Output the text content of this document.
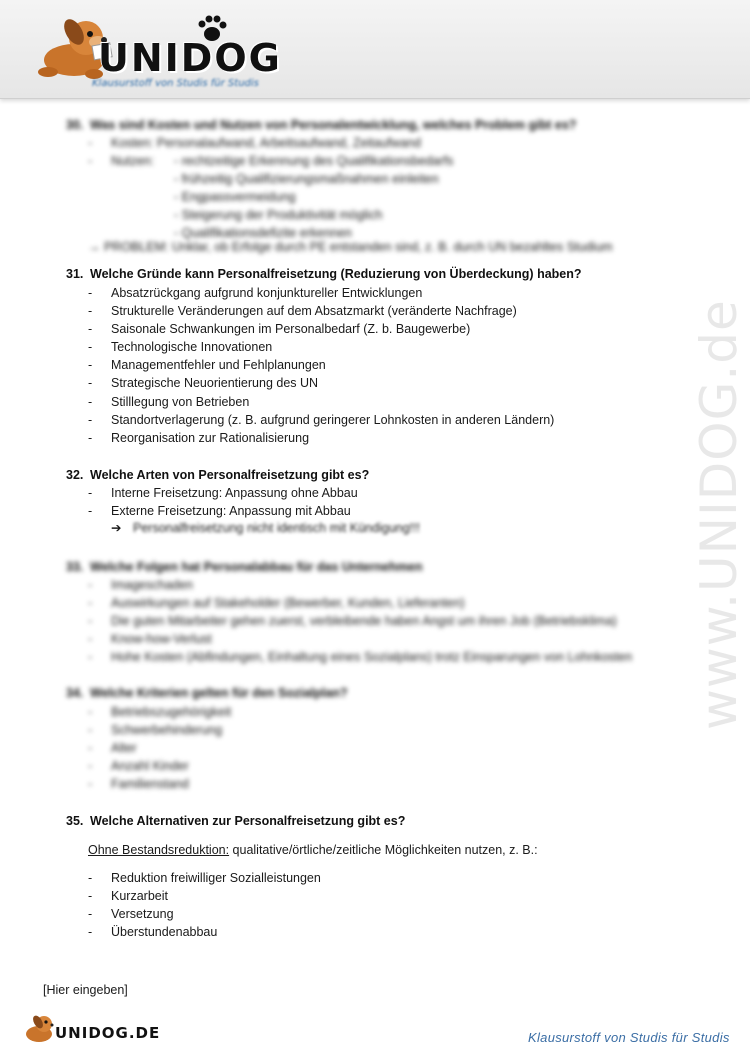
UNIDOG
Klausurstoff von Studis für Studis
www.UNIDOG.de
30. Was sind Kosten und Nutzen von Personalentwicklung, welches Problem gibt es?
- Kosten: Personalaufwand, Arbeitsaufwand, Zeitaufwand
- Nutzen: - rechtzeitige Erkennung des Qualifikationsbedarfs
- frühzeitig Qualifizierungsmaßnahmen einleiten
- Engpassvermeidung
- Steigerung der Produktivität möglich
- Qualifikationsdefizite erkennen
→ PROBLEM: Unklar, ob Erfolge durch PE entstanden sind, z. B. durch UN bezahltes Studium
31. Welche Gründe kann Personalfreisetzung (Reduzierung von Überdeckung) haben?
- Absatzrückgang aufgrund konjunktureller Entwicklungen
- Strukturelle Veränderungen auf dem Absatzmarkt (veränderte Nachfrage)
- Saisonale Schwankungen im Personalbedarf (Z. b. Baugewerbe)
- Technologische Innovationen
- Managementfehler und Fehlplanungen
- Strategische Neuorientierung des UN
- Stilllegung von Betrieben
- Standortverlagerung (z. B. aufgrund geringerer Lohnkosten in anderen Ländern)
- Reorganisation zur Rationalisierung
32. Welche Arten von Personalfreisetzung gibt es?
- Interne Freisetzung: Anpassung ohne Abbau
- Externe Freisetzung: Anpassung mit Abbau
➔ Personalfreisetzung nicht identisch mit Kündigung!!!
33. Welche Folgen hat Personalabbau für das Unternehmen
- Imageschaden
- Auswirkungen auf Stakeholder (Bewerber, Kunden, Lieferanten)
- Die guten Mitarbeiter gehen zuerst, verbleibende haben Angst um ihren Job (Betriebsklima)
- Know-how-Verlust
- Hohe Kosten (Abfindungen, Einhaltung eines Sozialplans) trotz Einsparungen von Lohnkosten
34. Welche Kriterien gelten für den Sozialplan?
- Betriebszugehörigkeit
- Schwerbehinderung
- Alter
- Anzahl Kinder
- Familienstand
35. Welche Alternativen zur Personalfreisetzung gibt es?
Ohne Bestandsreduktion: qualitative/örtliche/zeitliche Möglichkeiten nutzen, z. B.:
- Reduktion freiwilliger Sozialleistungen
- Kurzarbeit
- Versetzung
- Überstundenabbau
[Hier eingeben]
UNIDOG.DE	Klausurstoff von Studis für Studis
